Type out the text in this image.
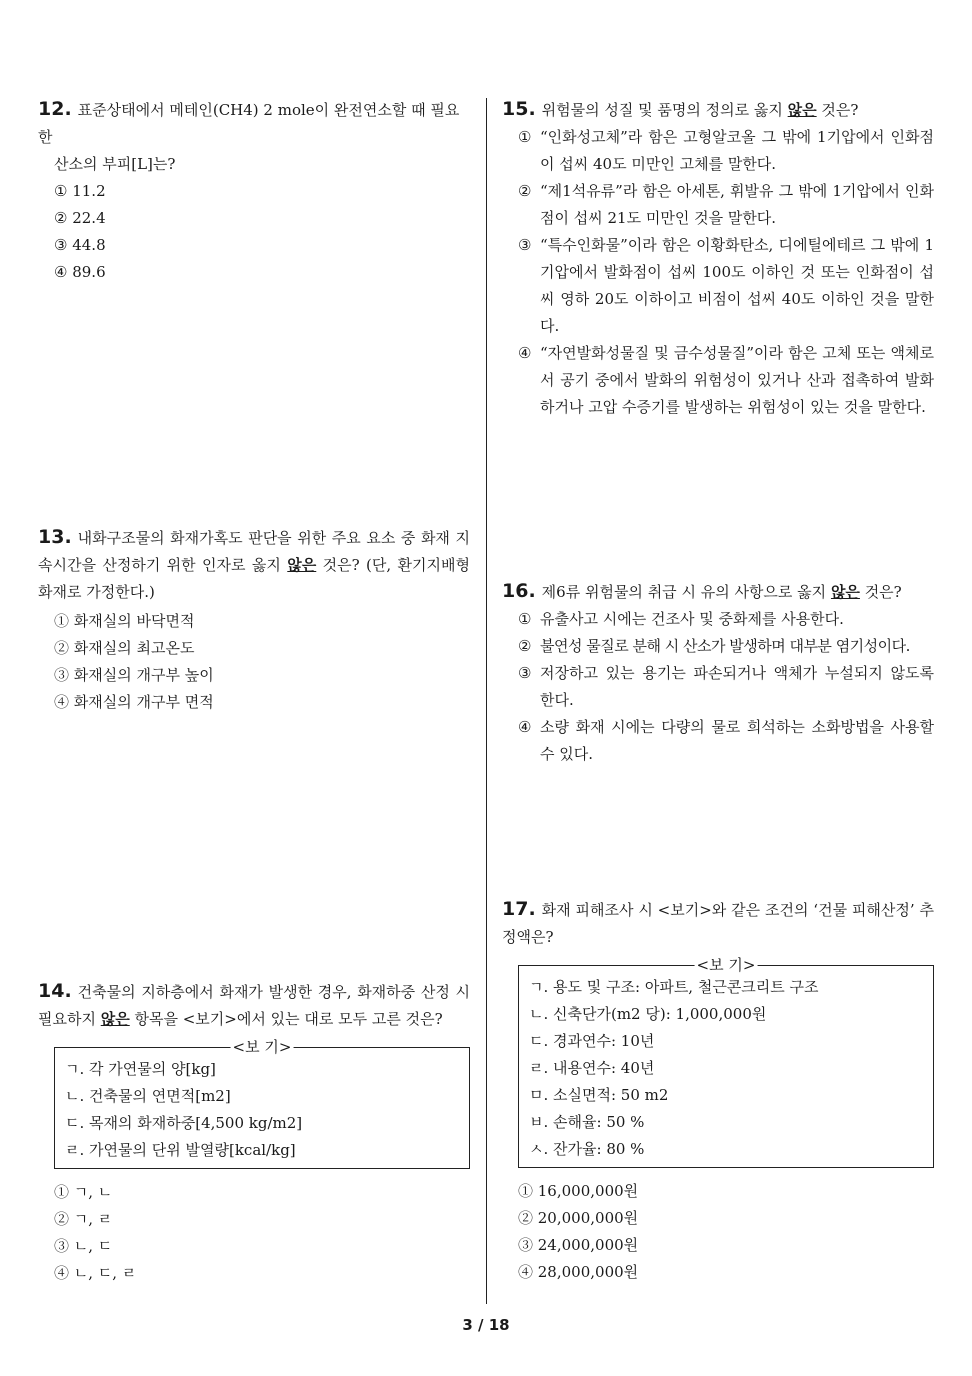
12. 표준상태에서 메테인(CH4) 2 mole이 완전연소할 때 필요한
산소의 부피[L]는?
① 11.2
② 22.4
③ 44.8
④ 89.6
13. 내화구조물의 화재가혹도 판단을 위한 주요 요소 중 화재 지속시간을 산정하기 위한 인자로 옳지 않은 것은? (단, 환기지배형 화재로 가정한다.)
① 화재실의 바닥면적
② 화재실의 최고온도
③ 화재실의 개구부 높이
④ 화재실의 개구부 면적
14. 건축물의 지하층에서 화재가 발생한 경우, 화재하중 산정 시 필요하지 않은 항목을 <보기>에서 있는 대로 모두 고른 것은?
<보 기>
ㄱ. 각 가연물의 양[kg]
ㄴ. 건축물의 연면적[m2]
ㄷ. 목재의 화재하중[4,500 kg/m2]
ㄹ. 가연물의 단위 발열량[kcal/kg]
① ㄱ, ㄴ
② ㄱ, ㄹ
③ ㄴ, ㄷ
④ ㄴ, ㄷ, ㄹ
15. 위험물의 성질 및 품명의 정의로 옳지 않은 것은?
① “인화성고체”라 함은 고형알코올 그 밖에 1기압에서 인화점이 섭씨 40도 미만인 고체를 말한다.
② “제1석유류”라 함은 아세톤, 휘발유 그 밖에 1기압에서 인화점이 섭씨 21도 미만인 것을 말한다.
③ “특수인화물”이라 함은 이황화탄소, 디에틸에테르 그 밖에 1기압에서 발화점이 섭씨 100도 이하인 것 또는 인화점이 섭씨 영하 20도 이하이고 비점이 섭씨 40도 이하인 것을 말한다.
④ “자연발화성물질 및 금수성물질”이라 함은 고체 또는 액체로서 공기 중에서 발화의 위험성이 있거나 산과 접촉하여 발화하거나 고압 수증기를 발생하는 위험성이 있는 것을 말한다.
16. 제6류 위험물의 취급 시 유의 사항으로 옳지 않은 것은?
① 유출사고 시에는 건조사 및 중화제를 사용한다.
② 불연성 물질로 분해 시 산소가 발생하며 대부분 염기성이다.
③ 저장하고 있는 용기는 파손되거나 액체가 누설되지 않도록 한다.
④ 소량 화재 시에는 다량의 물로 희석하는 소화방법을 사용할 수 있다.
17. 화재 피해조사 시 <보기>와 같은 조건의 ‘건물 피해산정’ 추정액은?
<보 기>
ㄱ. 용도 및 구조: 아파트, 철근콘크리트 구조
ㄴ. 신축단가(m2 당): 1,000,000원
ㄷ. 경과연수: 10년
ㄹ. 내용연수: 40년
ㅁ. 소실면적: 50 m2
ㅂ. 손해율: 50 %
ㅅ. 잔가율: 80 %
① 16,000,000원
② 20,000,000원
③ 24,000,000원
④ 28,000,000원
3 / 18
